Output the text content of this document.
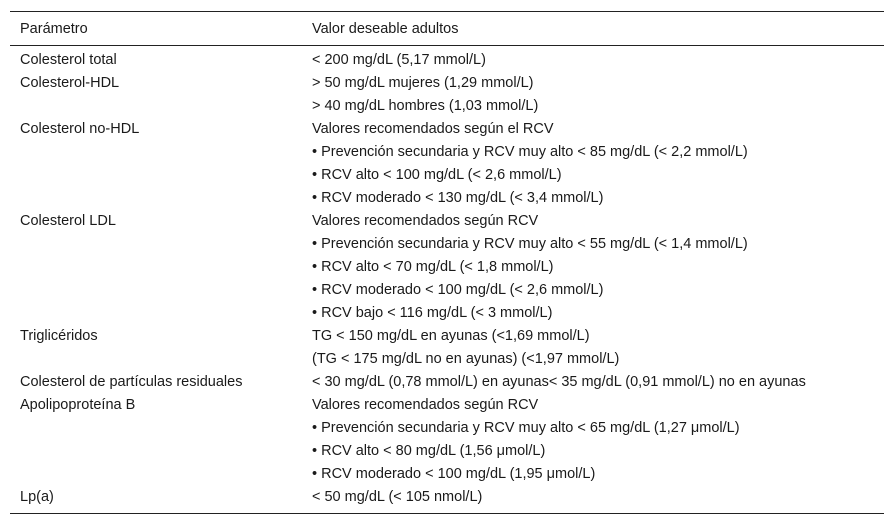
Parámetro	Valor deseable adultos
Colesterol total	< 200 mg/dL (5,17 mmol/L)
Colesterol-HDL	> 50 mg/dL mujeres (1,29 mmol/L)
> 40 mg/dL hombres (1,03 mmol/L)
Colesterol no-HDL	Valores recomendados según el RCV
• Prevención secundaria y RCV muy alto < 85 mg/dL (< 2,2 mmol/L)
• RCV alto < 100 mg/dL (< 2,6 mmol/L)
• RCV moderado < 130 mg/dL (< 3,4 mmol/L)
Colesterol LDL	Valores recomendados según RCV
• Prevención secundaria y RCV muy alto < 55 mg/dL (< 1,4 mmol/L)
• RCV alto < 70 mg/dL (< 1,8 mmol/L)
• RCV moderado < 100 mg/dL (< 2,6 mmol/L)
• RCV bajo < 116 mg/dL (< 3 mmol/L)
Triglicéridos	TG < 150 mg/dL en ayunas (<1,69 mmol/L)
(TG < 175 mg/dL no en ayunas) (<1,97 mmol/L)
Colesterol de partículas residuales	< 30 mg/dL (0,78 mmol/L) en ayunas< 35 mg/dL (0,91 mmol/L) no en ayunas
Apolipoproteína B	Valores recomendados según RCV
• Prevención secundaria y RCV muy alto < 65 mg/dL (1,27 μmol/L)
• RCV alto < 80 mg/dL (1,56 μmol/L)
• RCV moderado < 100 mg/dL (1,95 μmol/L)
Lp(a)	< 50 mg/dL (< 105 nmol/L)
